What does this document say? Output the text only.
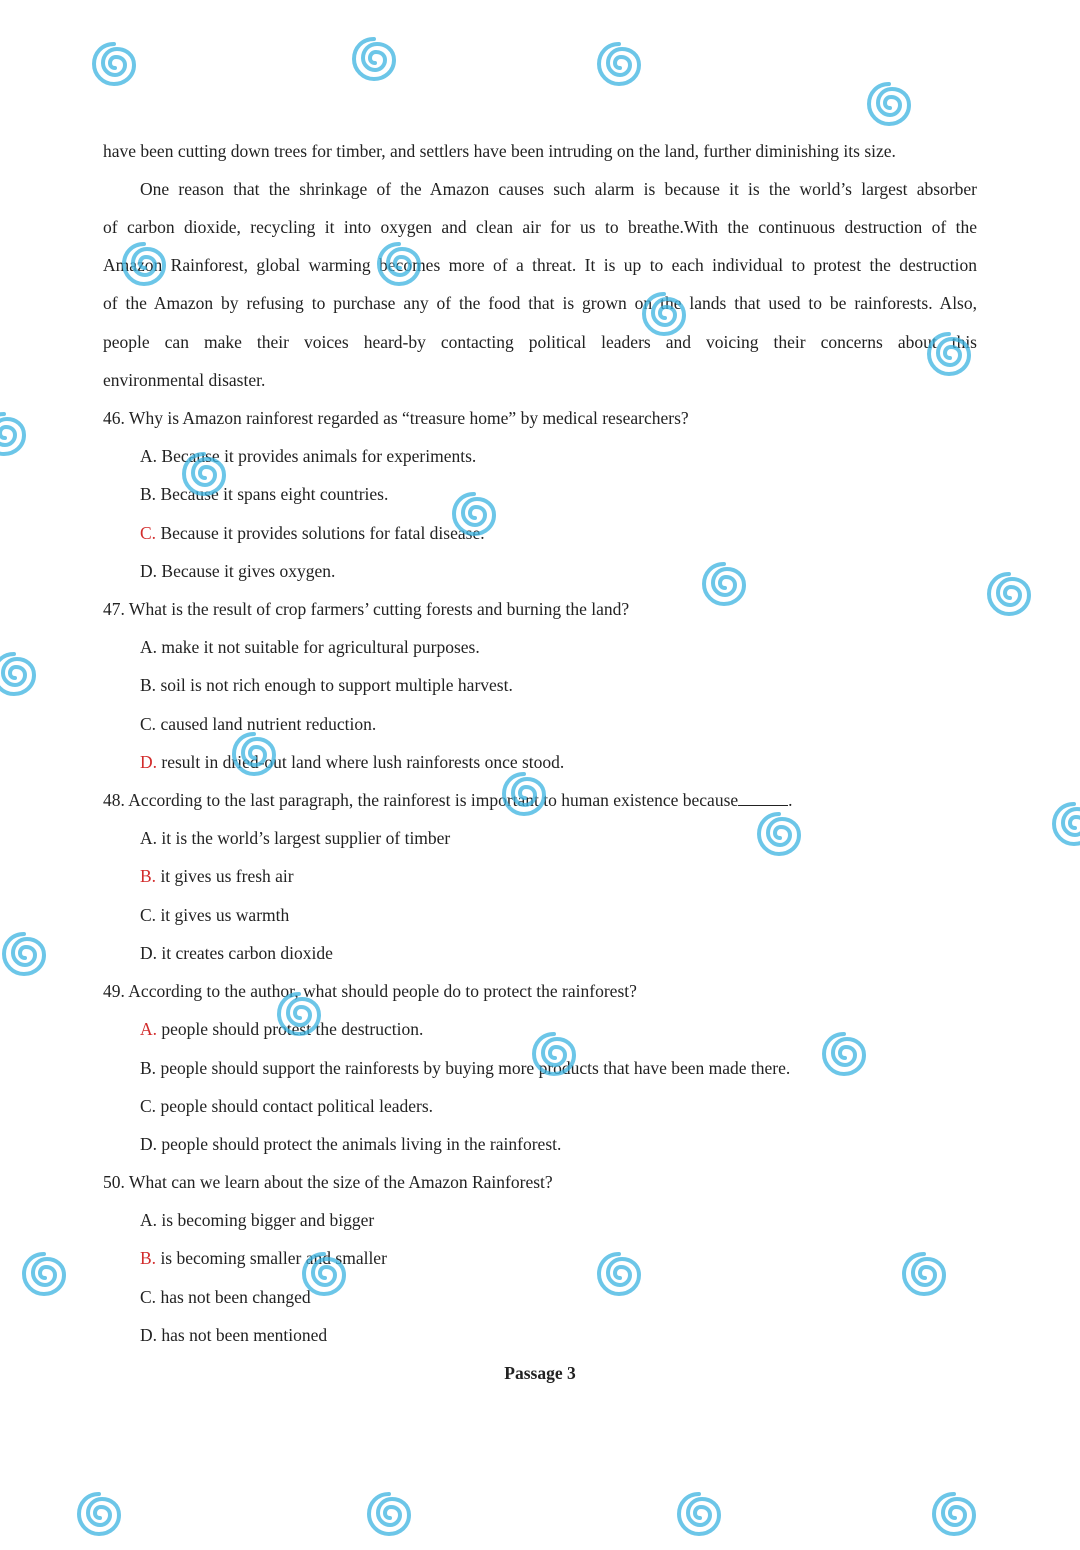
have been cutting down trees for timber, and settlers have been intruding on the land, further diminishing its size.
One reason that the shrinkage of the Amazon causes such alarm is because it is the world’s largest absorber
of carbon dioxide, recycling it into oxygen and clean air for us to breathe.With the continuous destruction of the
Amazon Rainforest, global warming becomes more of a threat. It is up to each individual to protest the destruction
of the Amazon by refusing to purchase any of the food that is grown on the lands that used to be rainforests. Also,
people can make their voices heard-by contacting political leaders and voicing their concerns about this
environmental disaster.
46. Why is Amazon rainforest regarded as “treasure home” by medical researchers?
A. Because it provides animals for experiments.
B. Because it spans eight countries.
C. Because it provides solutions for fatal disease.
D. Because it gives oxygen.
47. What is the result of crop farmers’ cutting forests and burning the land?
A. make it not suitable for agricultural purposes.
B. soil is not rich enough to support multiple harvest.
C. caused land nutrient reduction.
D. result in dried-out land where lush rainforests once stood.
48. According to the last paragraph, the rainforest is important to human existence because	.
A. it is the world’s largest supplier of timber
B. it gives us fresh air
C. it gives us warmth
D. it creates carbon dioxide
49. According to the author, what should people do to protect the rainforest?
A. people should protest the destruction.
B. people should support the rainforests by buying more products that have been made there.
C. people should contact political leaders.
D. people should protect the animals living in the rainforest.
50. What can we learn about the size of the Amazon Rainforest?
A. is becoming bigger and bigger
B. is becoming smaller and smaller
C. has not been changed
D. has not been mentioned
Passage 3
